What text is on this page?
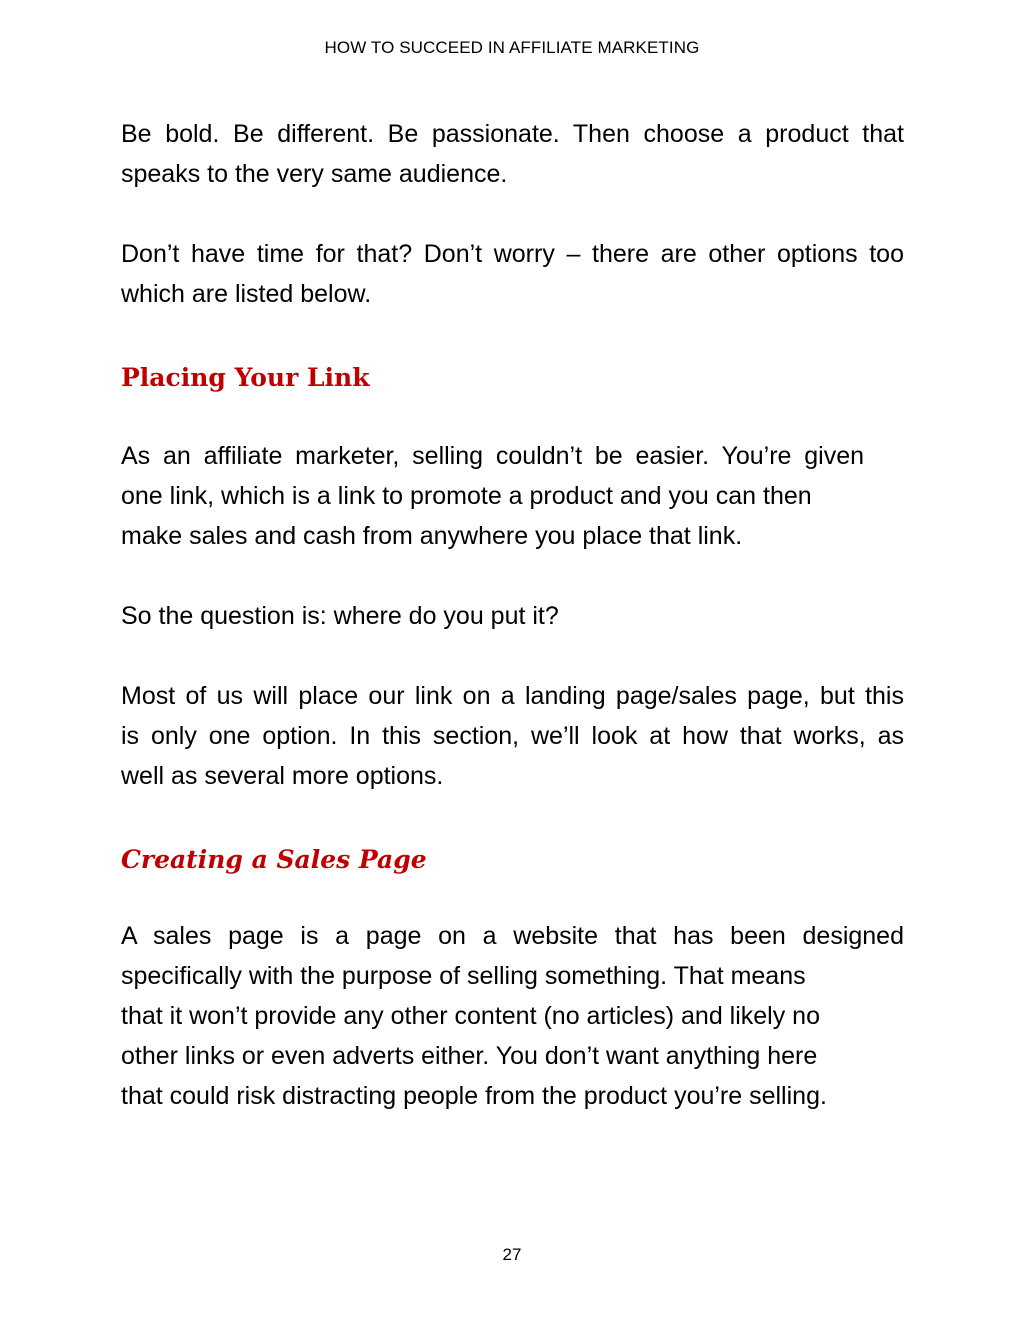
HOW TO SUCCEED IN AFFILIATE MARKETING

Be bold. Be different. Be passionate. Then choose a product that
speaks to the very same audience.

Don’t have time for that? Don’t worry – there are other options too
which are listed below.

Placing Your Link

As an affiliate marketer, selling couldn’t be easier. You’re given
one link, which is a link to promote a product and you can then
make sales and cash from anywhere you place that link.

So the question is: where do you put it?

Most of us will place our link on a landing page/sales page, but this
is only one option. In this section, we’ll look at how that works, as
well as several more options.

Creating a Sales Page

A sales page is a page on a website that has been designed
specifically with the purpose of selling something. That means
that it won’t provide any other content (no articles) and likely no
other links or even adverts either. You don’t want anything here
that could risk distracting people from the product you’re selling.

27
